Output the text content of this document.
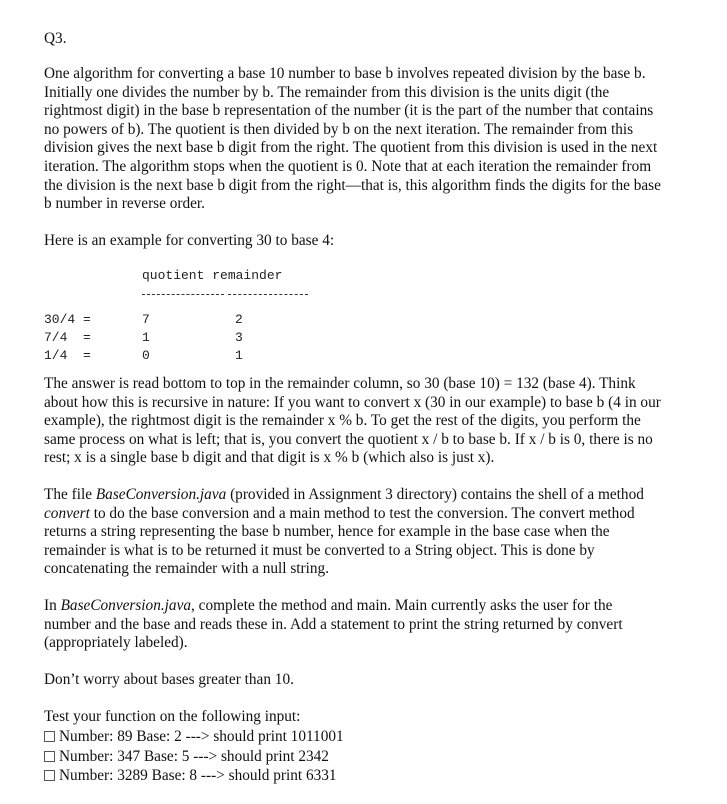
Q3.

One algorithm for converting a base 10 number to base b involves repeated division by the base b. Initially one divides the number by b. The remainder from this division is the units digit (the rightmost digit) in the base b representation of the number (it is the part of the number that contains no powers of b). The quotient is then divided by b on the next iteration. The remainder from this division gives the next base b digit from the right. The quotient from this division is used in the next iteration. The algorithm stops when the quotient is 0. Note that at each iteration the remainder from the division is the next base b digit from the right—that is, this algorithm finds the digits for the base b number in reverse order.

Here is an example for converting 30 to base 4:

quotient remainder
30/4 =	7	2
7/4  =	1	3
1/4  =	0	1

The answer is read bottom to top in the remainder column, so 30 (base 10) = 132 (base 4). Think about how this is recursive in nature: If you want to convert x (30 in our example) to base b (4 in our example), the rightmost digit is the remainder x % b. To get the rest of the digits, you perform the same process on what is left; that is, you convert the quotient x / b to base b. If x / b is 0, there is no rest; x is a single base b digit and that digit is x % b (which also is just x).

The file BaseConversion.java (provided in Assignment 3 directory) contains the shell of a method convert to do the base conversion and a main method to test the conversion. The convert method returns a string representing the base b number, hence for example in the base case when the remainder is what is to be returned it must be converted to a String object. This is done by concatenating the remainder with a null string.

In BaseConversion.java, complete the method and main. Main currently asks the user for the number and the base and reads these in. Add a statement to print the string returned by convert (appropriately labeled).

Don’t worry about bases greater than 10.

Test your function on the following input:

Number: 89 Base: 2 ---> should print 1011001
Number: 347 Base: 5 ---> should print 2342
Number: 3289 Base: 8 ---> should print 6331
